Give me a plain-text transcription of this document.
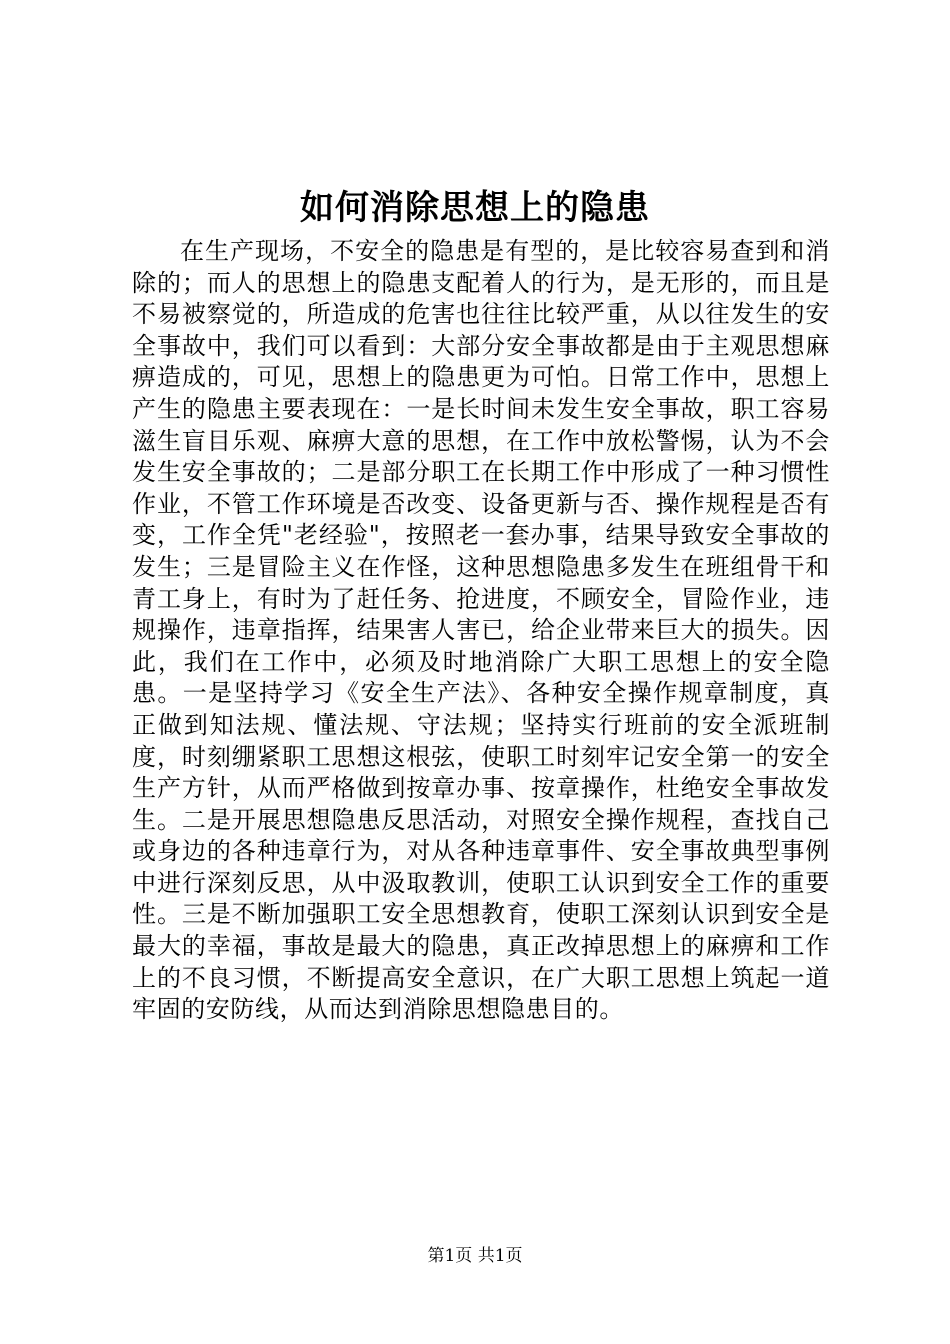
如何消除思想上的隐患

在生产现场，不安全的隐患是有型的，是比较容易查到和消除的；而人的思想上的隐患支配着人的行为，是无形的，而且是不易被察觉的，所造成的危害也往往比较严重，从以往发生的安全事故中，我们可以看到：大部分安全事故都是由于主观思想麻痹造成的，可见，思想上的隐患更为可怕。日常工作中，思想上产生的隐患主要表现在：一是长时间未发生安全事故，职工容易滋生盲目乐观、麻痹大意的思想，在工作中放松警惕，认为不会发生安全事故的；二是部分职工在长期工作中形成了一种习惯性作业，不管工作环境是否改变、设备更新与否、操作规程是否有变，工作全凭"老经验"，按照老一套办事，结果导致安全事故的发生；三是冒险主义在作怪，这种思想隐患多发生在班组骨干和青工身上，有时为了赶任务、抢进度，不顾安全，冒险作业，违规操作，违章指挥，结果害人害已，给企业带来巨大的损失。因此，我们在工作中，必须及时地消除广大职工思想上的安全隐患。一是坚持学习《安全生产法》、各种安全操作规章制度，真正做到知法规、懂法规、守法规；坚持实行班前的安全派班制度，时刻绷紧职工思想这根弦，使职工时刻牢记安全第一的安全生产方针，从而严格做到按章办事、按章操作，杜绝安全事故发生。二是开展思想隐患反思活动，对照安全操作规程，查找自己或身边的各种违章行为，对从各种违章事件、安全事故典型事例中进行深刻反思，从中汲取教训，使职工认识到安全工作的重要性。三是不断加强职工安全思想教育，使职工深刻认识到安全是最大的幸福，事故是最大的隐患，真正改掉思想上的麻痹和工作上的不良习惯，不断提高安全意识，在广大职工思想上筑起一道牢固的安防线，从而达到消除思想隐患目的。

第1页 共1页
